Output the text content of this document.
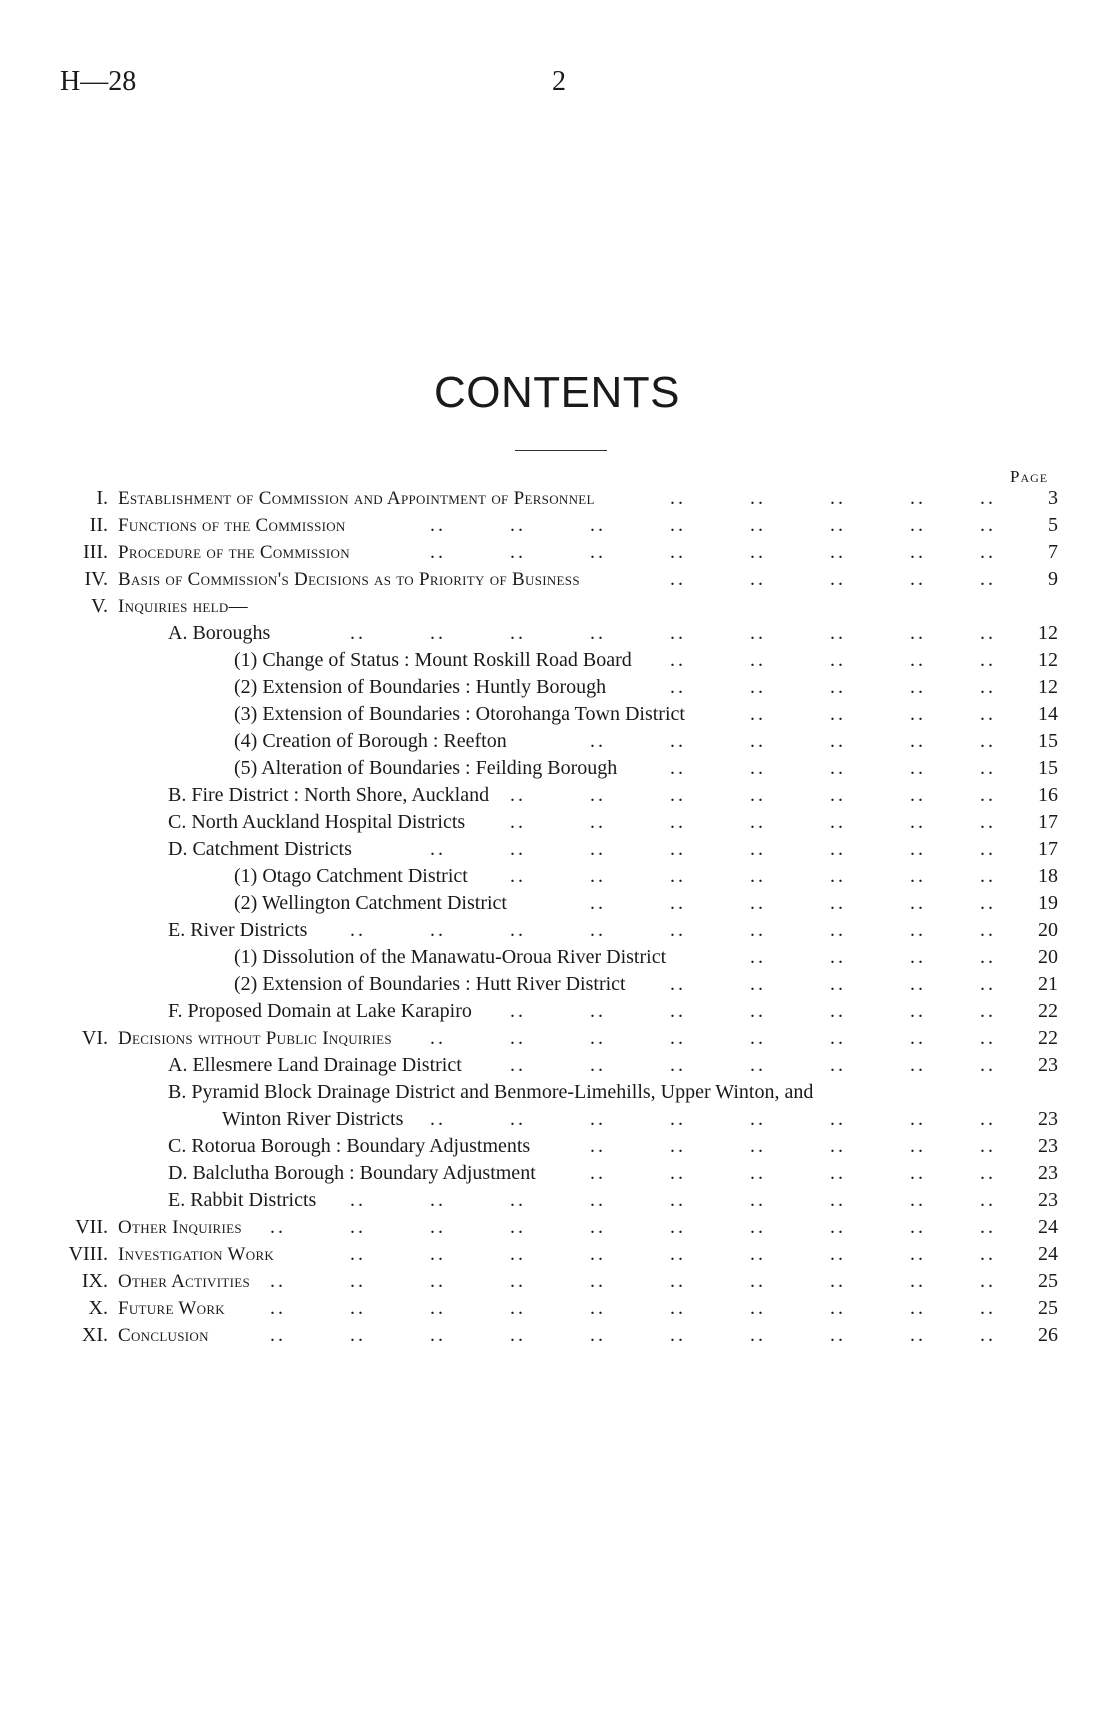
H—28	2
CONTENTS
Page
I. Establishment of Commission and Appointment of Personnel	3
..	..	..	..	..
II. Functions of the Commission	5
..	..	..	..	..	..	..	..
III. Procedure of the Commission	7
..	..	..	..	..	..	..	..
IV. Basis of Commission's Decisions as to Priority of Business	9
..	..	..	..	..
V. Inquiries held—
A. Boroughs	12
..	..	..	..	..	..	..	..	..
(1) Change of Status : Mount Roskill Road Board	12
..	..	..	..	..
(2) Extension of Boundaries : Huntly Borough	12
..	..	..	..	..
(3) Extension of Boundaries : Otorohanga Town District	14
..	..	..	..
(4) Creation of Borough : Reefton	15
..	..	..	..	..	..
(5) Alteration of Boundaries : Feilding Borough	15
..	..	..	..	..
B. Fire District : North Shore, Auckland	16
..	..	..	..	..	..	..
C. North Auckland Hospital Districts	17
..	..	..	..	..	..	..
D. Catchment Districts	17
..	..	..	..	..	..	..	..
(1) Otago Catchment District	18
..	..	..	..	..	..	..
(2) Wellington Catchment District	19
..	..	..	..	..	..
E. River Districts	20
..	..	..	..	..	..	..	..	..
(1) Dissolution of the Manawatu-Oroua River District	20
..	..	..	..
(2) Extension of Boundaries : Hutt River District	21
..	..	..	..	..
F. Proposed Domain at Lake Karapiro	22
..	..	..	..	..	..	..
VI. Decisions without Public Inquiries	22
..	..	..	..	..	..	..	..
A. Ellesmere Land Drainage District	23
..	..	..	..	..	..	..
B. Pyramid Block Drainage District and Benmore-Limehills, Upper Winton, and
Winton River Districts	23
..	..	..	..	..	..	..	..
C. Rotorua Borough : Boundary Adjustments	23
..	..	..	..	..	..
D. Balclutha Borough : Boundary Adjustment	23
..	..	..	..	..	..
E. Rabbit Districts	23
..	..	..	..	..	..	..	..	..
VII. Other Inquiries	24
..	..	..	..	..	..	..	..	..	..
VIII. Investigation Work	24
..	..	..	..	..	..	..	..	..
IX. Other Activities	25
..	..	..	..	..	..	..	..	..	..
X. Future Work	25
..	..	..	..	..	..	..	..	..	..
XI. Conclusion	26
..	..	..	..	..	..	..	..	..	..
